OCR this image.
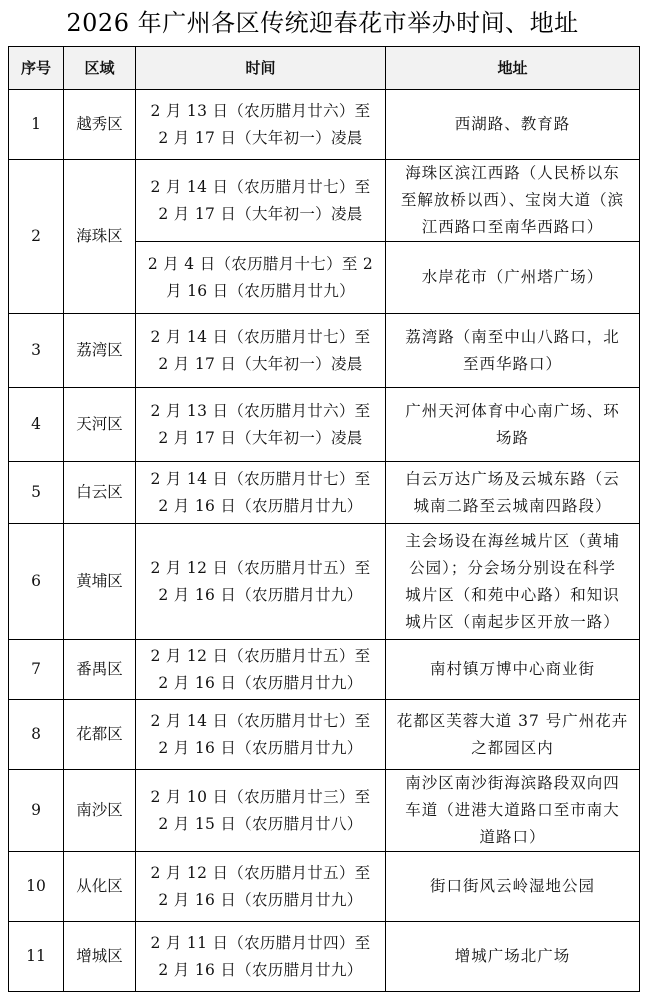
2026 年广州各区传统迎春花市举办时间、地址
序号	区域	时间	地址
1	越秀区	2 月 13 日（农历腊月廿六）至
2 月 17 日（大年初一）凌晨	西湖路、教育路

2	海珠区	2 月 14 日（农历腊月廿七）至
2 月 17 日（大年初一）凌晨	海珠区滨江西路（人民桥以东
至解放桥以西）、宝岗大道（滨
江西路口至南华西路口）

		2 月 4 日（农历腊月十七）至 2
月 16 日（农历腊月廿九）	水岸花市（广州塔广场）

3	荔湾区	2 月 14 日（农历腊月廿七）至
2 月 17 日（大年初一）凌晨	荔湾路（南至中山八路口，北
至西华路口）

4	天河区	2 月 13 日（农历腊月廿六）至
2 月 17 日（大年初一）凌晨	广州天河体育中心南广场、环
场路

5	白云区	2 月 14 日（农历腊月廿七）至
2 月 16 日（农历腊月廿九）	白云万达广场及云城东路（云
城南二路至云城南四路段）

6	黄埔区	2 月 12 日（农历腊月廿五）至
2 月 16 日（农历腊月廿九）	主会场设在海丝城片区（黄埔
公园）；分会场分别设在科学
城片区（和苑中心路）和知识
城片区（南起步区开放一路）

7	番禺区	2 月 12 日（农历腊月廿五）至
2 月 16 日（农历腊月廿九）	南村镇万博中心商业街

8	花都区	2 月 14 日（农历腊月廿七）至
2 月 16 日（农历腊月廿九）	花都区芙蓉大道 37 号广州花卉
之都园区内

9	南沙区	2 月 10 日（农历腊月廿三）至
2 月 15 日（农历腊月廿八）	南沙区南沙街海滨路段双向四
车道（进港大道路口至市南大
道路口）

10	从化区	2 月 12 日（农历腊月廿五）至
2 月 16 日（农历腊月廿九）	街口街风云岭湿地公园

11	增城区	2 月 11 日（农历腊月廿四）至
2 月 16 日（农历腊月廿九）	增城广场北广场
